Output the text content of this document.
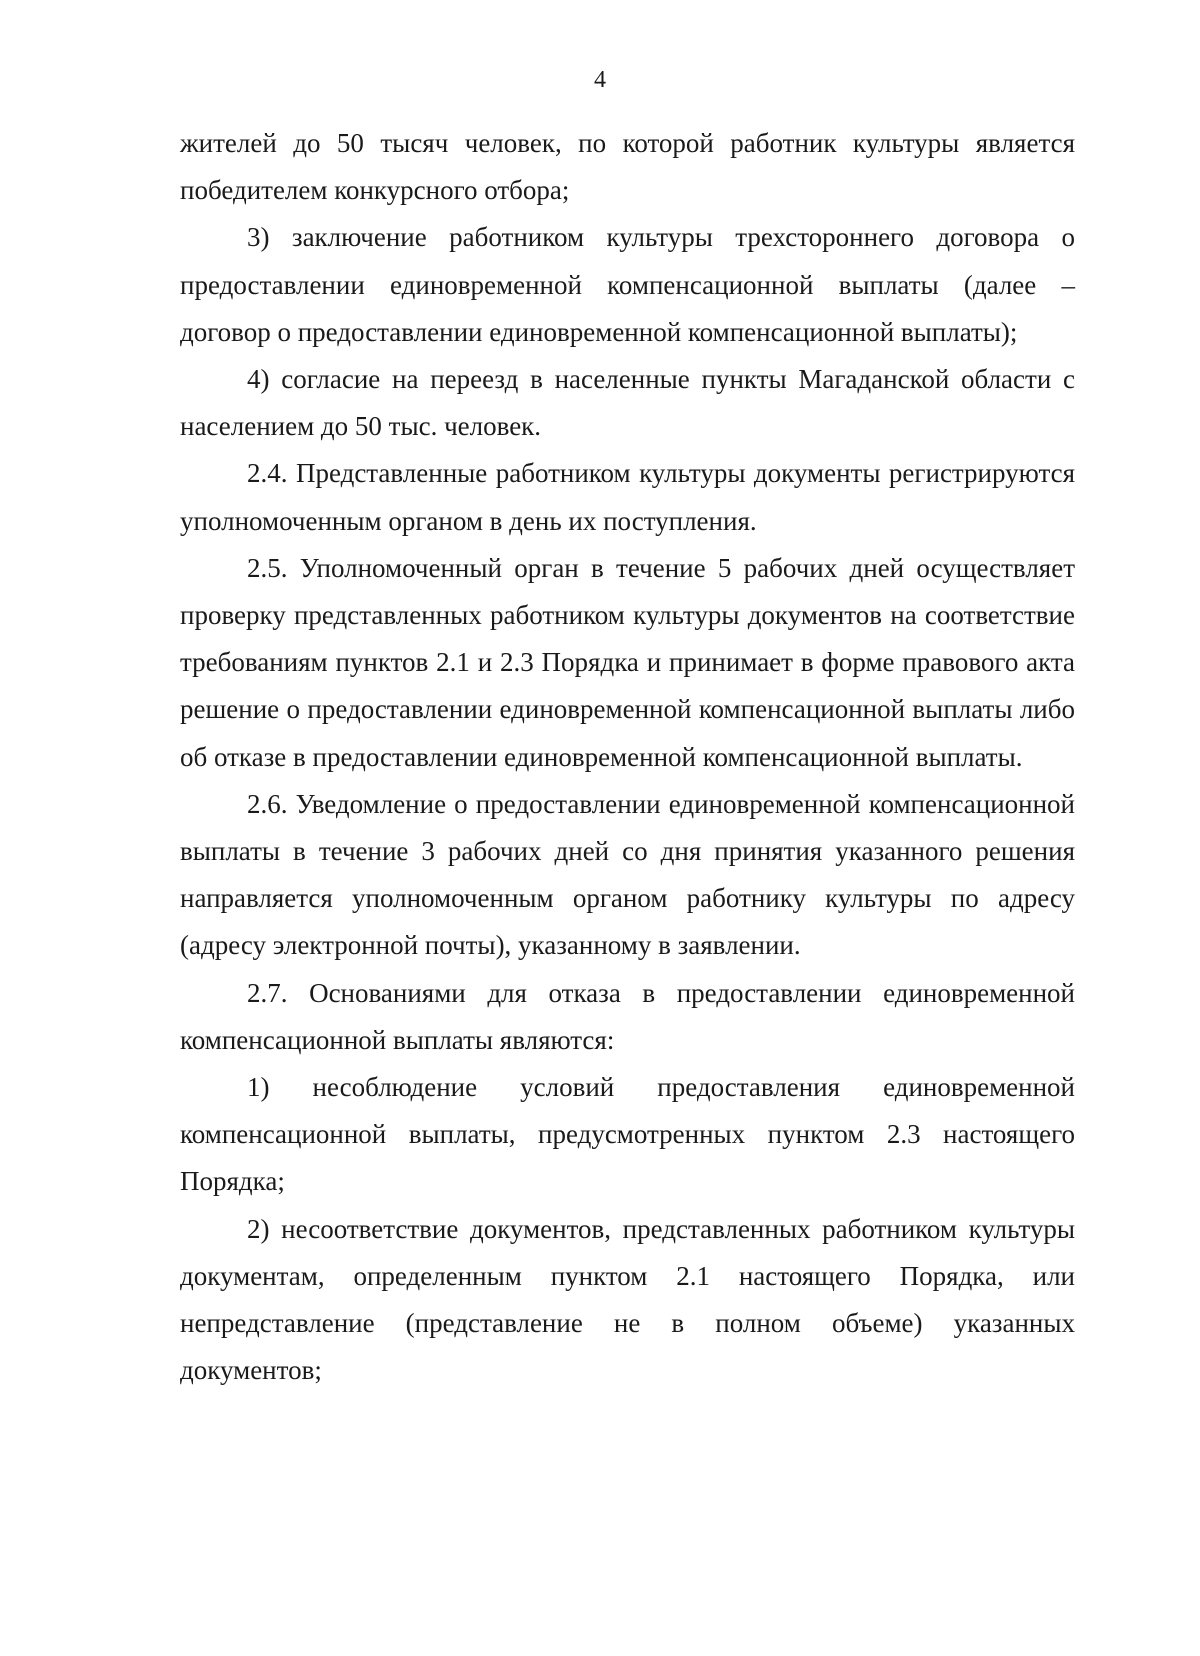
4

жителей до 50 тысяч человек, по которой работник культуры является победителем конкурсного отбора;

3) заключение работником культуры трехстороннего договора о предоставлении единовременной компенсационной выплаты (далее – договор о предоставлении единовременной компенсационной выплаты);

4) согласие на переезд в населенные пункты Магаданской области с населением до 50 тыс. человек.

2.4. Представленные работником культуры документы регистрируются уполномоченным органом в день их поступления.

2.5. Уполномоченный орган в течение 5 рабочих дней осуществляет проверку представленных работником культуры документов на соответствие требованиям пунктов 2.1 и 2.3 Порядка и принимает в форме правового акта решение о предоставлении единовременной компенсационной выплаты либо об отказе в предоставлении единовременной компенсационной выплаты.

2.6. Уведомление о предоставлении единовременной компенсационной выплаты в течение 3 рабочих дней со дня принятия указанного решения направляется уполномоченным органом работнику культуры по адресу (адресу электронной почты), указанному в заявлении.

2.7. Основаниями для отказа в предоставлении единовременной компенсационной выплаты являются:

1) несоблюдение условий предоставления единовременной компенсационной выплаты, предусмотренных пунктом 2.3 настоящего Порядка;

2) несоответствие документов, представленных работником культуры документам, определенным пунктом 2.1 настоящего Порядка, или непредставление (представление не в полном объеме) указанных документов;
